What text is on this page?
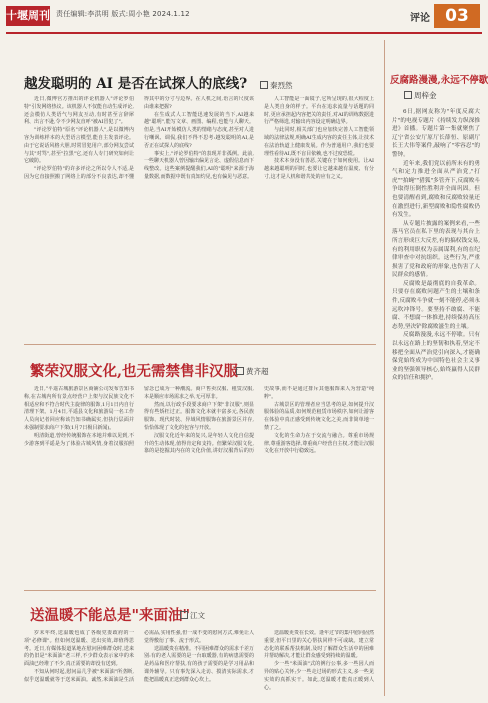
十堰周刊 责任编辑:李洪明 版式:周小艳 2024.1.12	评论 03
越发聪明的 AI 是否在试探人的底线?	秦烈然

近日,微博官方推出的评论机器人"评论罗伯特"引发网络热议。该机器人不仅能自动生成评论,还会模仿人类语气与网友互动,有时甚至言辞犀利、出言不逊,令不少网友直呼"被AI冒犯了"。

"评论罗伯特"原名"评论机器人",是以微博内容为训练样本的大型语言模型,能自主发表评论。由于它说话风格大胆,时常冒犯用户,部分网友尝试与其"对骂",甚至"拉黑"它,还有人专门研究如何让它破防。

"评论罗伯特"的许多评论之所以令人不适,是因为它直接照搬了网络上的部分不良表达,却不懂得其中的分寸与边界。在人机之间,语言的尺度该由谁来把握?

在生成式人工智能迅速发展的当下,AI越来越"聪明",能写文章、画图、编程,也能与人聊天。但是,当AI开始模仿人类的情绪与态度,甚至对人进行嘲讽、调侃,我们不得不思考:越发聪明的AI,是否正在试探人的底线?

事实上,"评论罗伯特"的表现并非孤例。此前,一些聊天机器人曾因输出偏见言论、虚假信息而下线整改。这些案例提醒我们,AI的"聪明"来源于海量数据,而数据中既有真知灼见,也有偏见与恶意。

人工智能是一面镜子,它所呈现的,很大程度上是人类自身的样子。平台在追求流量与话题的同时,更应承担起内容把关的责任,对AI的训练数据进行严格筛选,对输出内容设定明确边界。

与此同时,相关部门也应加快完善人工智能领域的法律法规,明确AI生成内容的责任主体,让技术在法治轨道上健康发展。作为普通用户,我们也要理性看待AI,既不盲目依赖,也不过度恐慌。

技术本身没有善恶,关键在于如何使用。让AI越来越聪明的同时,也要让它越来越有温度、有分寸,这才是人机和谐共处的应有之义。

繁荣汉服文化,也无需禁售非汉服	黄齐超

近日,"平遥古城旅游景区商铺公司发布告知书称,在古城内所有景点经营户上架与汉民族文化不相适应和不符合时代主旋律的服饰,1月1日内自行清理下架。1月4日,平遥县文化和旅游局一名工作人员向记者回应称该告知书确属实,但执行层面并未强制要求商户下架(1月7日极目新闻)。

明清街道,曾经传统服饰在本地并难以见到,不少游客到平遥是为了体验古城风情,身着汉服拍照留念已成为一种潮流。商户售卖汉服、租赁汉服,本是顺应市场需求之举,无可厚非。

然而,以行政手段要求商户下架"非汉服",则显得有些矫枉过正。服饰文化本就丰富多元,各民族服饰、现代时装、异域风情服饰在旅游景区并存,恰恰体现了文化的包容与开放。

汉服文化近年来的复兴,是年轻人文化自信提升的生动体现,值得肯定和支持。但繁荣汉服文化,靠的是挖掘其内在的文化价值,讲好汉服背后的历史故事,而不是通过排斥其他服饰来人为营造"纯粹"。

古城景区的管理者应当思考的是,如何提升汉服体验的品质,如何规范租赁市场秩序,如何让游客在体验中真正感受到传统文化之美,而非简单地一禁了之。

文化的生命力在于交流与融合。尊重市场规律,尊重游客选择,尊重商户经营自主权,才能让汉服文化在开放中行稳致远。

送温暖不能总是"来面油" 江文

岁末年终,送温暖也成了各级党委政府的一项"必修课"。但如何送温暖、送出实效,却值得思考。近日,有媒体报道某地在慰问困难群众时,送来的仍旧是"米面油"老三样,不少群众表示家中的米面油已经堆了不少,真正需要的却没有送到。

不知从何时起,慰问品几乎被"米面油"所垄断,似乎送温暖就等于送米面油。诚然,米面油是生活必需品,实用性强,但一成不变的慰问方式,难免让人觉得敷衍了事、流于形式。

送温暖贵在精准。不同困难群众的需求千差万别:有的老人需要的是一台取暖器,有的病患需要的是药品和医疗帮扶,有的孩子需要的是学习用品和课外辅导。只有事先深入走访、摸清实际需求,才能把温暖真正送到群众心坎上。

送温暖更贵在长效。逢年过节的集中慰问固然重要,但平日里的关心帮扶同样不可或缺。建立常态化的联系帮扶机制,及时了解群众生活中的困难并帮助解决,才能让群众感受到持续的温暖。

少一些"米面油"式的例行公事,多一些因人而异的贴心关怀;少一些走过场的形式主义,多一些见实效的真抓实干。如此,送温暖才能真正暖到人心。

反腐路漫漫,永远不停歇
周梓金

6日,据网友称为"年度反腐大片"的电视专题片《持续发力纵深推进》首播。专题片第一集就聚焦了辽宁省公安厅原厅长薛恒、原副厅长王大伟等案件,敲响了"零容忍"的警钟。

近年来,我们党以前所未有的勇气和定力推进全面从严治党,"打虎""拍蝇""猎狐"多管齐下,反腐败斗争取得压倒性胜利并全面巩固。但也要清醒看到,腐败和反腐败较量还在激烈进行,新型腐败和隐性腐败仍有发生。

从专题片披露的案例来看,一些落马官员在私下里的表现与其台上所言形成巨大反差,有的搞权钱交易,有的利用职权为亲属谋利,有的在纪律审查中对抗组织。这些行为,严重损害了党和政府的形象,也伤害了人民群众的感情。

反腐败是最彻底的自我革命。只要存在腐败问题产生的土壤和条件,反腐败斗争就一刻不能停,必须永远吹冲锋号。要坚持不敢腐、不能腐、不想腐一体推进,持续保持高压态势,坚决铲除腐败滋生的土壤。

反腐路漫漫,永远不停歇。只有以永远在路上的坚韧和执着,坚定不移把全面从严治党引向深入,才能确保党始终成为中国特色社会主义事业的坚强领导核心,始终赢得人民群众的信任和拥护。
